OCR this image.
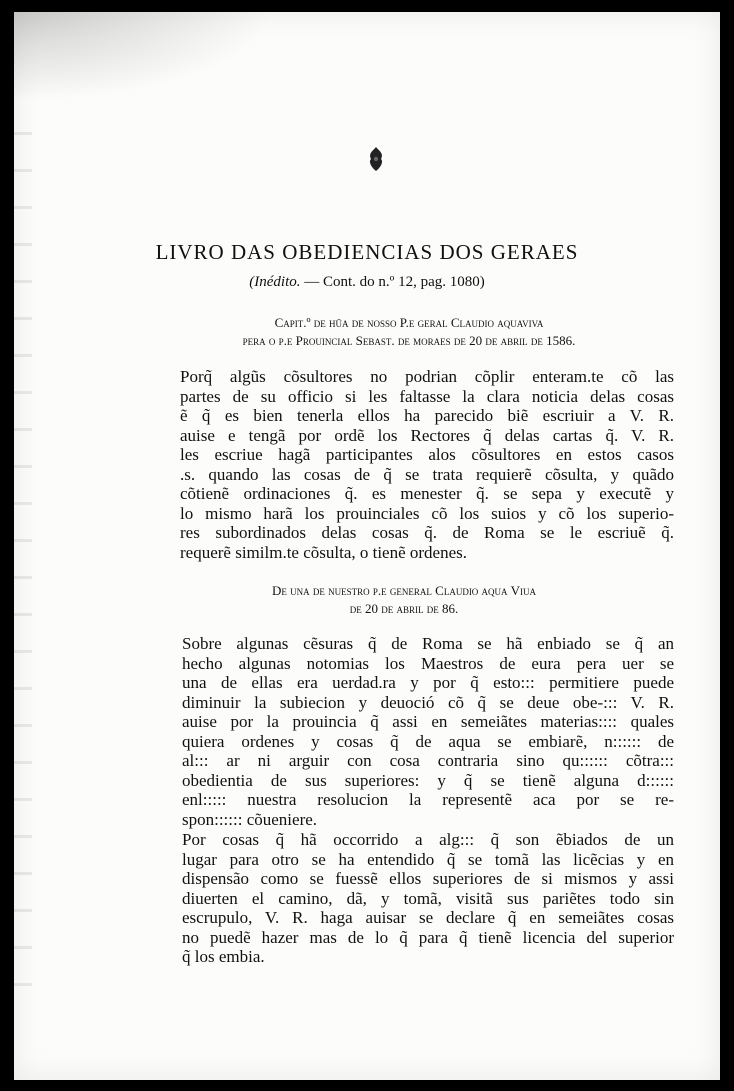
LIVRO DAS OBEDIENCIAS DOS GERAES
(Inédito. — Cont. do n.º 12, pag. 1080)
Capit.º de hũa de nosso P.e geral Claudio aquaviva
pera o p.e Prouincial Sebast. de moraes de 20 de abril de 1586.
Porq̃ algũs cõsultores no podrian cõplir enteram.te cõ las
partes de su officio si les faltasse la clara noticia delas cosas
ẽ q̃ es bien tenerla ellos ha parecido biẽ escriuir a V. R.
auise e tengã por ordẽ los Rectores q̃ delas cartas q̃. V. R.
les escriue hagã participantes alos cõsultores en estos casos
.s. quando las cosas de q̃ se trata requierẽ cõsulta, y quãdo
cõtienẽ ordinaciones q̃. es menester q̃. se sepa y executẽ y
lo mismo harã los prouinciales cõ los suios y cõ los superio-
res subordinados delas cosas q̃. de Roma se le escriuẽ q̃.
requerẽ similm.te cõsulta, o tienẽ ordenes.
De una de nuestro p.e general Claudio aqua Viua
de 20 de abril de 86.
Sobre algunas cẽsuras q̃ de Roma se hã enbiado se q̃ an
hecho algunas notomias los Maestros de eura pera uer se
una de ellas era uerdad.ra y por q̃ esto::: permitiere puede
diminuir la subiecion y deuoció cõ q̃ se deue obe-::: V. R.
auise por la prouincia q̃ assi en semeiãtes materias:::: quales
quiera ordenes y cosas q̃ de aqua se embiarẽ, n:::::: de
al::: ar ni arguir con cosa contraria sino qu:::::: cõtra:::
obedientia de sus superiores: y q̃ se tienẽ alguna d::::::
enl::::: nuestra resolucion la representẽ aca por se re-
spon:::::: cõueniere.
Por cosas q̃ hã occorrido a alg::: q̃ son ẽbiados de un
lugar para otro se ha entendido q̃ se tomã las licẽcias y en
dispensão como se fuessẽ ellos superiores de si mismos y assi
diuerten el camino, dã, y tomã, visitã sus pariẽtes todo sin
escrupulo, V. R. haga auisar se declare q̃ en semeiãtes cosas
no puedẽ hazer mas de lo q̃ para q̃ tienẽ licencia del superior
q̃ los embia.
